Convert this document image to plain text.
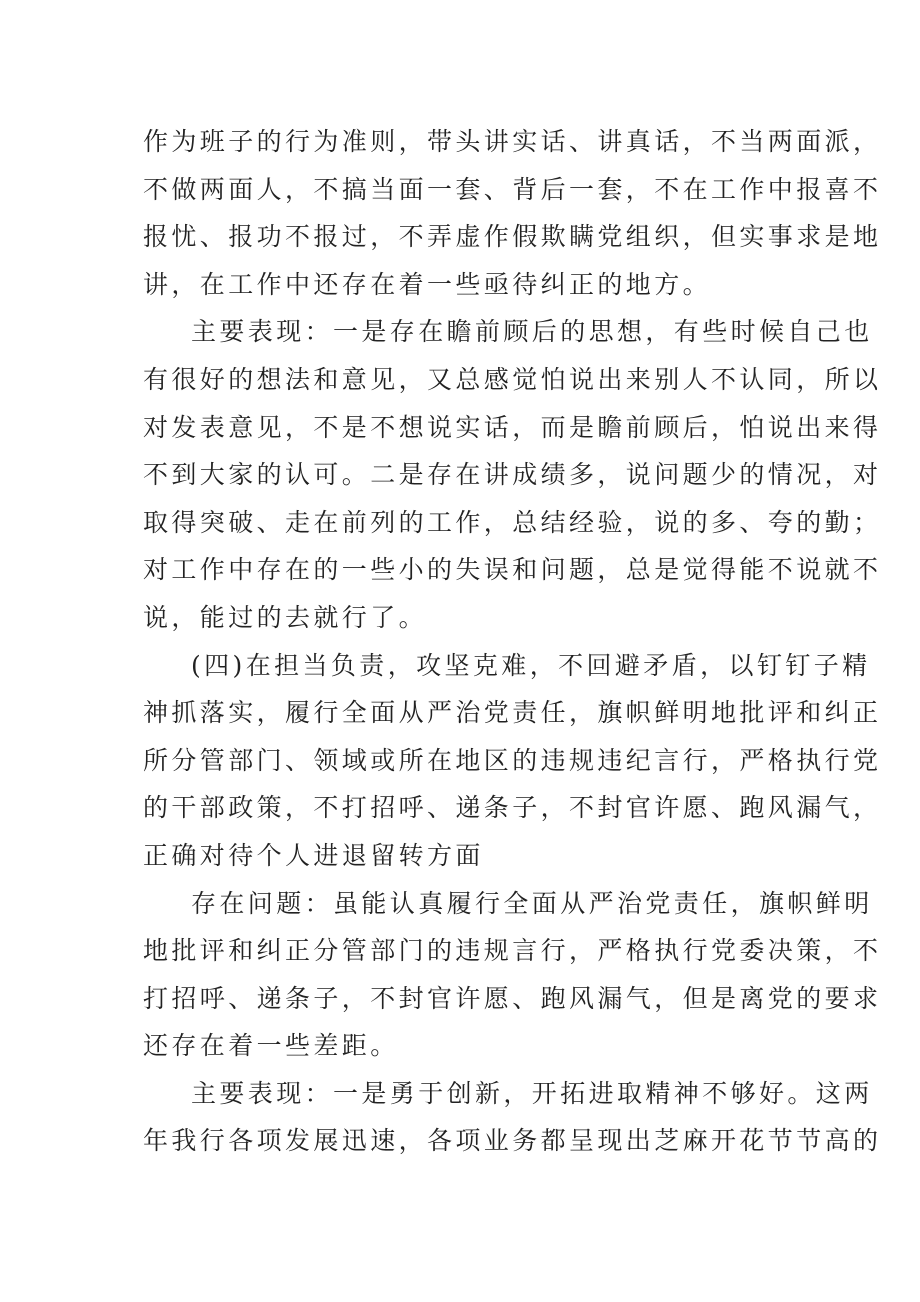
作为班子的行为准则，带头讲实话、讲真话，不当两面派，
不做两面人，不搞当面一套、背后一套，不在工作中报喜不
报忧、报功不报过，不弄虚作假欺瞒党组织，但实事求是地
讲，在工作中还存在着一些亟待纠正的地方。
主要表现：一是存在瞻前顾后的思想，有些时候自己也
有很好的想法和意见，又总感觉怕说出来别人不认同，所以
对发表意见，不是不想说实话，而是瞻前顾后，怕说出来得
不到大家的认可。二是存在讲成绩多，说问题少的情况，对
取得突破、走在前列的工作，总结经验，说的多、夸的勤；
对工作中存在的一些小的失误和问题，总是觉得能不说就不
说，能过的去就行了。
(四)在担当负责，攻坚克难，不回避矛盾，以钉钉子精
神抓落实，履行全面从严治党责任，旗帜鲜明地批评和纠正
所分管部门、领域或所在地区的违规违纪言行，严格执行党
的干部政策，不打招呼、递条子，不封官许愿、跑风漏气，
正确对待个人进退留转方面
存在问题：虽能认真履行全面从严治党责任，旗帜鲜明
地批评和纠正分管部门的违规言行，严格执行党委决策，不
打招呼、递条子，不封官许愿、跑风漏气，但是离党的要求
还存在着一些差距。
主要表现：一是勇于创新，开拓进取精神不够好。这两
年我行各项发展迅速，各项业务都呈现出芝麻开花节节高的
